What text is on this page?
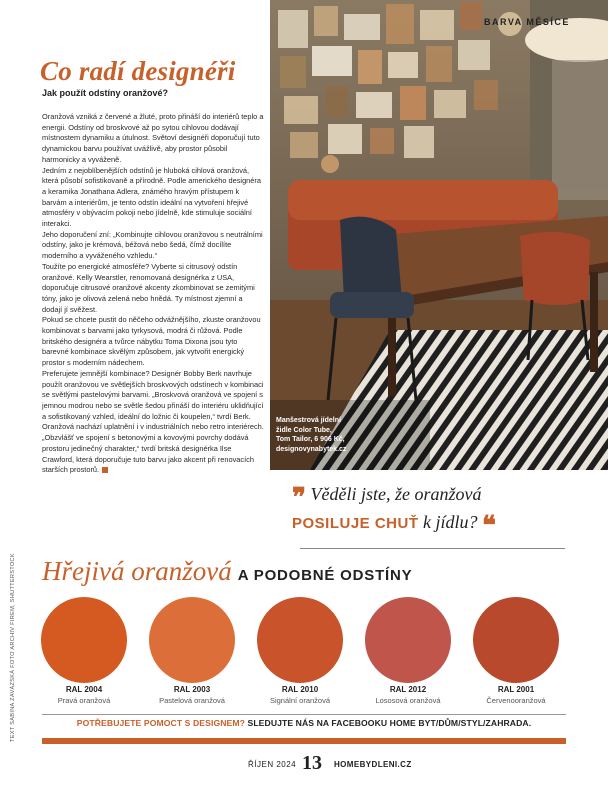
Co radí designéři
Jak použít odstíny oranžové?

Oranžová vzniká z červené a žluté, proto přináší do interiérů teplo a energii. Odstíny od broskvové až po sytou cihlovou dodávají místnostem dynamiku a útulnost. Světoví designéři doporučují tuto dynamickou barvu používat uvážlivě, aby prostor působil harmonicky a vyváženě.

Jedním z nejoblíbenějších odstínů je hluboká cihlová oranžová, která působí sofistikovaně a přírodně. Podle amerického designéra a keramika Jonathana Adlera, známého hravým přístupem k barvám a interiérům, je tento odstín ideální na vytvoření hřejivé atmosféry v obývacím pokoji nebo jídelně, kde stimuluje sociální interakci.

Jeho doporučení zní: „Kombinujte cihlovou oranžovou s neutrálními odstíny, jako je krémová, béžová nebo šedá, čímž docílíte moderního a vyváženého vzhledu.“

Toužíte po energické atmosféře? Vyberte si citrusový odstín oranžové. Kelly Wearstler, renomovaná designérka z USA, doporučuje citrusové oranžové akcenty zkombinovat se zemitými tóny, jako je olivová zelená nebo hnědá. Ty místnost zjemní a dodají jí svěžest.

Pokud se chcete pustit do něčeho odvážnějšího, zkuste oranžovou kombinovat s barvami jako tyrkysová, modrá či růžová. Podle britského designéra a tvůrce nábytku Toma Dixona jsou tyto barevné kombinace skvělým způsobem, jak vytvořit energický prostor s moderním nádechem.

Preferujete jemnější kombinace? Designér Bobby Berk navrhuje použít oranžovou ve světlejších broskvových odstínech v kombinaci se světlými pastelovými barvami. „Broskvová oranžová ve spojení s jemnou modrou nebo se světle šedou přináší do interiéru uklidňující a sofistikovaný vzhled, ideální do ložnic či koupelen,“ tvrdí Berk.

Oranžová nachází uplatnění i v industriálních nebo retro interiérech. „Obzvlášť ve spojení s betonovými a kovovými povrchy dodává prostoru jedinečný charakter,“ tvrdí britská designérka Ilse Crawford, která doporučuje tuto barvu jako akcent při renovacích starších prostorů.

BARVA MĚSÍCE
Manšestrová jídelní
židle Color Tube,
Tom Tailor, 6 906 Kč,
designovynabytek.cz
❞ Věděli jste, že oranžová
POSILUJE CHUŤ k jídlu? ❝
Hřejivá oranžová A PODOBNÉ ODSTÍNY
RAL 2004
Pravá oranžová
RAL 2003
Pastelová oranžová
RAL 2010
Signální oranžová
RAL 2012
Lososová oranžová
RAL 2001
Červenooranžová
POTŘEBUJETE POMOCT S DESIGNEM? SLEDUJTE NÁS NA FACEBOOKU HOME BYT/DŮM/STYL/ZAHRADA.
ŘÍJEN 2024 13 HOMEBYDLENI.CZ
TEXT SABINA ZAVÁZSKÁ FOTO ARCHIV FIREM, SHUTTERSTOCK
